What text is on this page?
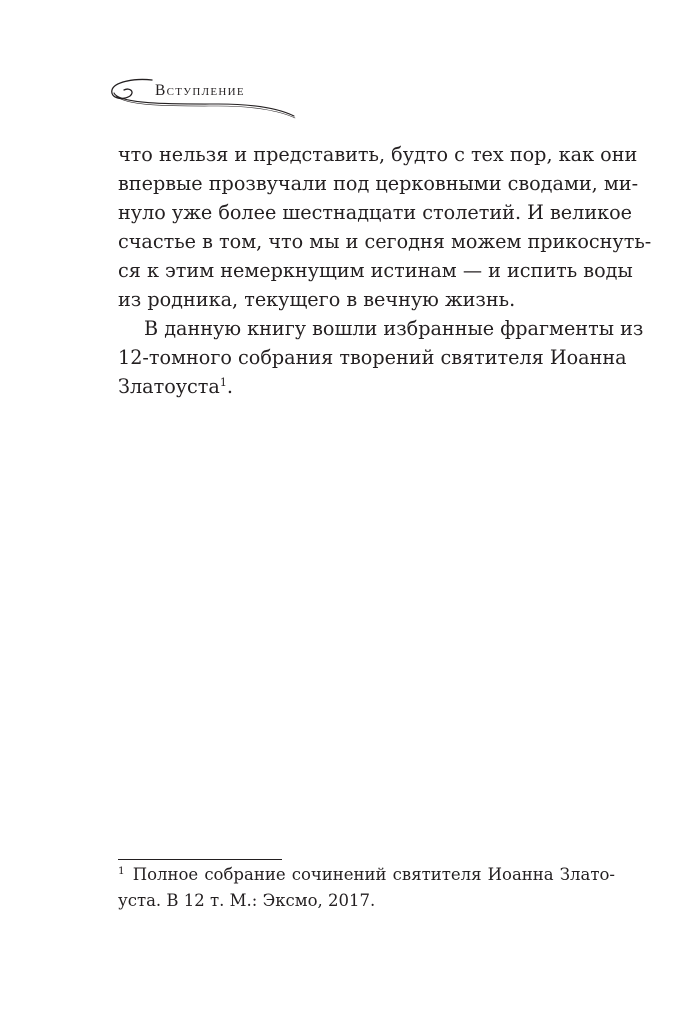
Вступление
что нельзя и представить, будто с тех пор, как они
впервые прозвучали под церковными сводами, ми-
нуло уже более шестнадцати столетий. И великое
счастье в том, что мы и сегодня можем прикоснуть-
ся к этим немеркнущим истинам — и испить воды
из родника, текущего в вечную жизнь.
В данную книгу вошли избранные фрагменты из
12-томного собрания творений святителя Иоанна
Златоуста$^1$.
$^1$ Полное собрание сочинений святителя Иоанна Злато-
уста. В 12 т. М.: Эксмо, 2017.
